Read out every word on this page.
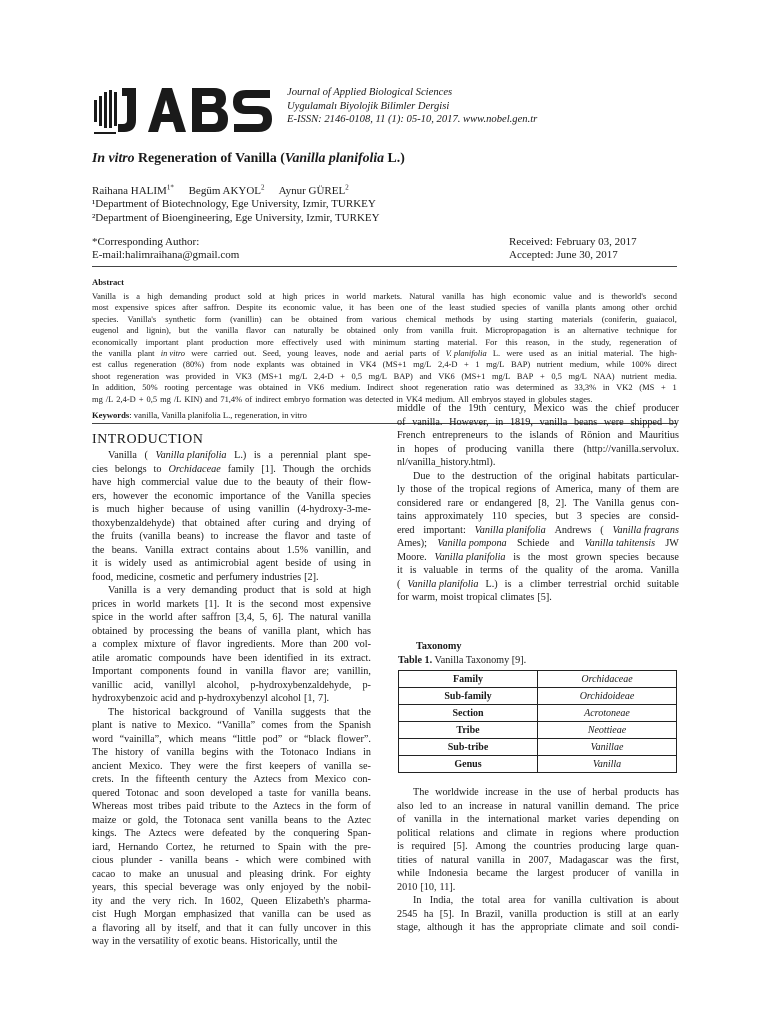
Journal of Applied Biological Sciences
Uygulamalı Biyolojik Bilimler Dergisi
E-ISSN: 2146-0108, 11 (1): 05-10, 2017. www.nobel.gen.tr
In vitro Regeneration of Vanilla (Vanilla planifolia L.)
Raihana $HALIM^{1*}$ Begüm AKYOL$^2$ Aynur GÜREL$^2$
¹Department of Biotechnology, Ege University, Izmir, TURKEY
²Department of Bioengineering, Ege University, Izmir, TURKEY
*Corresponding Author:
E-mail:halimraihana@gmail.com
Received: February 03, 2017
Accepted: June 30, 2017
Abstract
Vanilla is a high demanding product sold at high prices in world markets. Natural vanilla has high economic value and is theworld's second
most expensive spices after saffron. Despite its economic value, it has been one of the least studied species of vanilla plants among other orchid
species. Vanilla's synthetic form (vanillin) can be obtained from various chemical methods by using starting materials (coniferin, guaiacol,
eugenol and lignin), but the vanilla flavor can naturally be obtained only from vanilla fruit. Micropropagation is an alternative technique for
economically important plant production more effectively used with minimum starting material. For this reason, in the study, regeneration of
the vanilla plant in vitro were carried out. Seed, young leaves, node and aerial parts of V. planifolia L. were used as an initial material. The high-
est callus regeneration (80%) from node explants was obtained in VK4 (MS+1 mg/L 2,4-D + 1 mg/L BAP) nutrient medium, while 100% direct
shoot regeneration was provided in VK3 (MS+1 mg/L 2,4-D + 0,5 mg/L BAP) and VK6 (MS+1 mg/L BAP + 0,5 mg/L NAA) nutrient media.
In addition, 50% rooting percentage was obtained in VK6 medium. Indirect shoot regeneration ratio was determined as 33,3% in VK2 (MS + 1
mg /L 2,4-D + 0,5 mg /L KIN) and 71,4% of indirect embryo formation was detected in VK4 medium. All embryos stayed in globules stages.
Keywords: vanilla, Vanilla planifolia L., regeneration, in vitro
INTRODUCTION
Vanilla ( Vanilla planifolia L.) is a perennial plant spe-
cies belongs to Orchidaceae family [1]. Though the orchids
have high commercial value due to the beauty of their flow-
ers, however the economic importance of the Vanilla species
is much higher because of using vanillin (4-hydroxy-3-me-
thoxybenzaldehyde) that obtained after curing and drying of
the fruits (vanilla beans) to increase the flavor and taste of
the beans. Vanilla extract contains about 1.5% vanillin, and
it is widely used as antimicrobial agent beside of using in
food, medicine, cosmetic and perfumery industries [2].
Vanilla is a very demanding product that is sold at high
prices in world markets [1]. It is the second most expensive
spice in the world after saffron [3,4, 5, 6]. The natural vanilla
obtained by processing the beans of vanilla plant, which has
a complex mixture of flavor ingredients. More than 200 vol-
atile aromatic compounds have been identified in its extract.
Important components found in vanilla flavor are; vanillin,
vanillic acid, vanillyl alcohol, p-hydroxybenzaldehyde, p-
hydroxybenzoic acid and p-hydroxybenzyl alcohol [1, 7].
The historical background of Vanilla suggests that the
plant is native to Mexico. “Vanilla” comes from the Spanish
word “vainilla”, which means “little pod” or “black flower”.
The history of vanilla begins with the Totonaco Indians in
ancient Mexico. They were the first keepers of vanilla se-
crets. In the fifteenth century the Aztecs from Mexico con-
quered Totonac and soon developed a taste for vanilla beans.
Whereas most tribes paid tribute to the Aztecs in the form of
maize or gold, the Totonaca sent vanilla beans to the Aztec
kings. The Aztecs were defeated by the conquering Span-
iard, Hernando Cortez, he returned to Spain with the pre-
cious plunder - vanilla beans - which were combined with
cacao to make an unusual and pleasing drink. For eighty
years, this special beverage was only enjoyed by the nobil-
ity and the very rich. In 1602, Queen Elizabeth's pharma-
cist Hugh Morgan emphasized that vanilla can be used as
a flavoring all by itself, and that it can fully uncover in this
way in the versatility of exotic beans. Historically, until the
middle of the 19th century, Mexico was the chief producer
of vanilla. However, in 1819, vanilla beans were shipped by
French entrepreneurs to the islands of Rönion and Mauritius
in hopes of producing vanilla there (http://vanilla.servolux.
nl/vanilla_history.html).
Due to the destruction of the original habitats particular-
ly those of the tropical regions of America, many of them are
considered rare or endangered [8, 2]. The Vanilla genus con-
tains approximately 110 species, but 3 species are consid-
ered important: Vanilla planifolia Andrews ( Vanilla fragrans
Ames); Vanilla pompona Schiede and Vanilla tahitensis JW
Moore. Vanilla planifolia is the most grown species because
it is valuable in terms of the quality of the aroma. Vanilla
( Vanilla planifolia L.) is a climber terrestrial orchid suitable
for warm, moist tropical climates [5].
Taxonomy
Table 1. Vanilla Taxonomy [9].
Family	Orchidaceae
Sub-family	Orchidoideae
Section	Acrotoneae
Tribe	Neottieae
Sub-tribe	Vanillae
Genus	Vanilla
The worldwide increase in the use of herbal products has
also led to an increase in natural vanillin demand. The price
of vanilla in the international market varies depending on
political relations and climate in regions where production
is required [5]. Among the countries producing large quan-
tities of natural vanilla in 2007, Madagascar was the first,
while Indonesia became the largest producer of vanilla in
2010 [10, 11].
In India, the total area for vanilla cultivation is about
2545 ha [5]. In Brazil, vanilla production is still at an early
stage, although it has the appropriate climate and soil condi-
